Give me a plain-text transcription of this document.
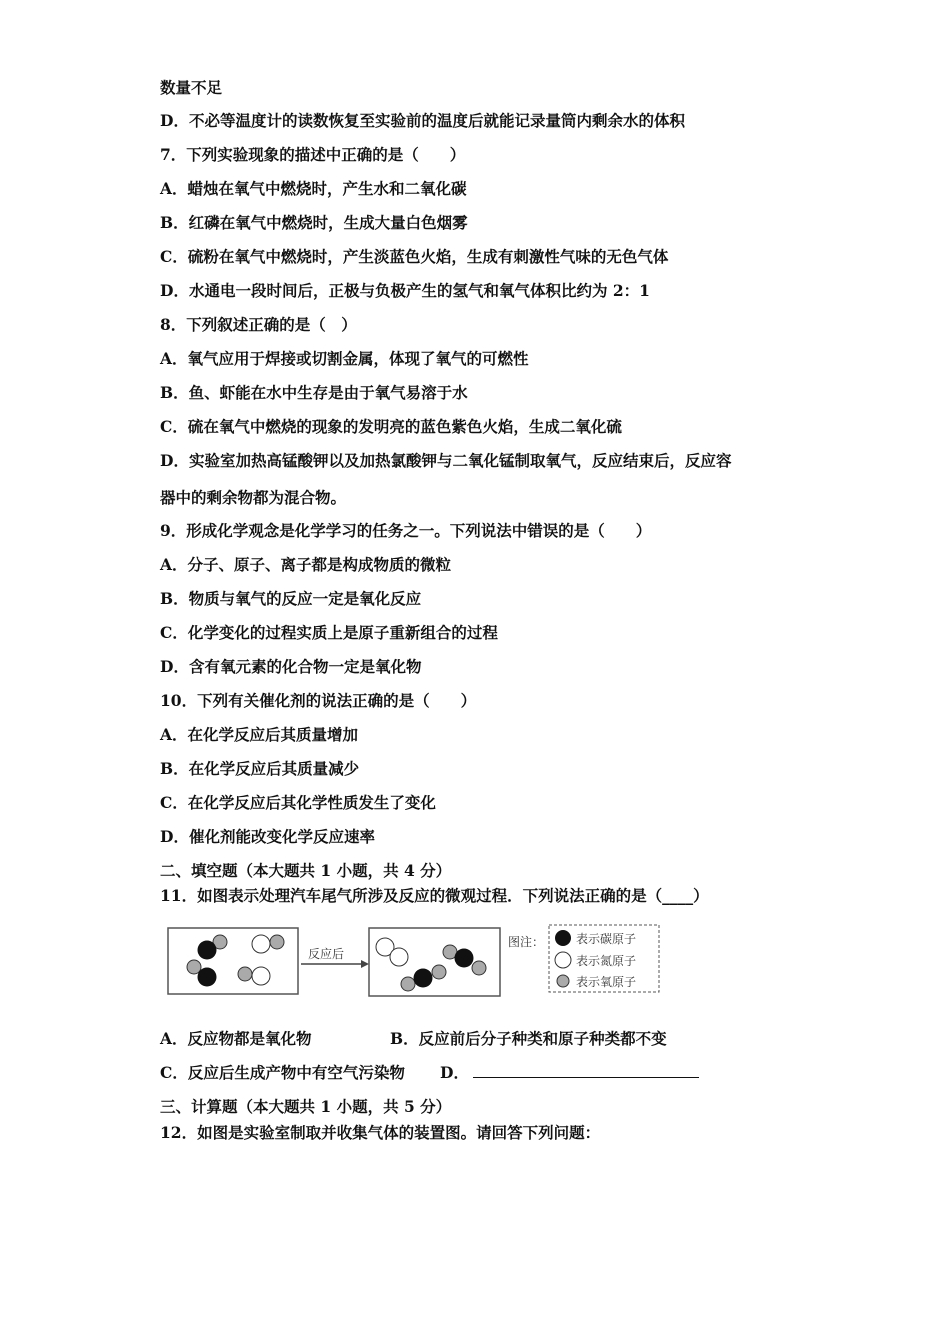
数量不足
D．不必等温度计的读数恢复至实验前的温度后就能记录量筒内剩余水的体积
7．下列实验现象的描述中正确的是（　　）
A．蜡烛在氧气中燃烧时，产生水和二氧化碳
B．红磷在氧气中燃烧时，生成大量白色烟雾
C．硫粉在氧气中燃烧时，产生淡蓝色火焰，生成有刺激性气味的无色气体
D．水通电一段时间后，正极与负极产生的氢气和氧气体积比约为 2：1
8．下列叙述正确的是（　）
A．氧气应用于焊接或切割金属，体现了氧气的可燃性
B．鱼、虾能在水中生存是由于氧气易溶于水
C．硫在氧气中燃烧的现象的发明亮的蓝色紫色火焰，生成二氧化硫
D．实验室加热高锰酸钾以及加热氯酸钾与二氧化锰制取氧气，反应结束后，反应容
器中的剩余物都为混合物。
9．形成化学观念是化学学习的任务之一。下列说法中错误的是（　　）
A．分子、原子、离子都是构成物质的微粒
B．物质与氧气的反应一定是氧化反应
C．化学变化的过程实质上是原子重新组合的过程
D．含有氧元素的化合物一定是氧化物
10．下列有关催化剂的说法正确的是（　　）
A．在化学反应后其质量增加
B．在化学反应后其质量减少
C．在化学反应后其化学性质发生了变化
D．催化剂能改变化学反应速率
二、填空题（本大题共 1 小题，共 4 分）
11．如图表示处理汽车尾气所涉及反应的微观过程．下列说法正确的是（____）
反应后
图注：	表示碳原子
表示氮原子
表示氧原子
A．反应物都是氧化物	B．反应前后分子种类和原子种类都不变
C．反应后生成产物中有空气污染物 D．
三、计算题（本大题共 1 小题，共 5 分）
12．如图是实验室制取并收集气体的装置图。请回答下列问题：
